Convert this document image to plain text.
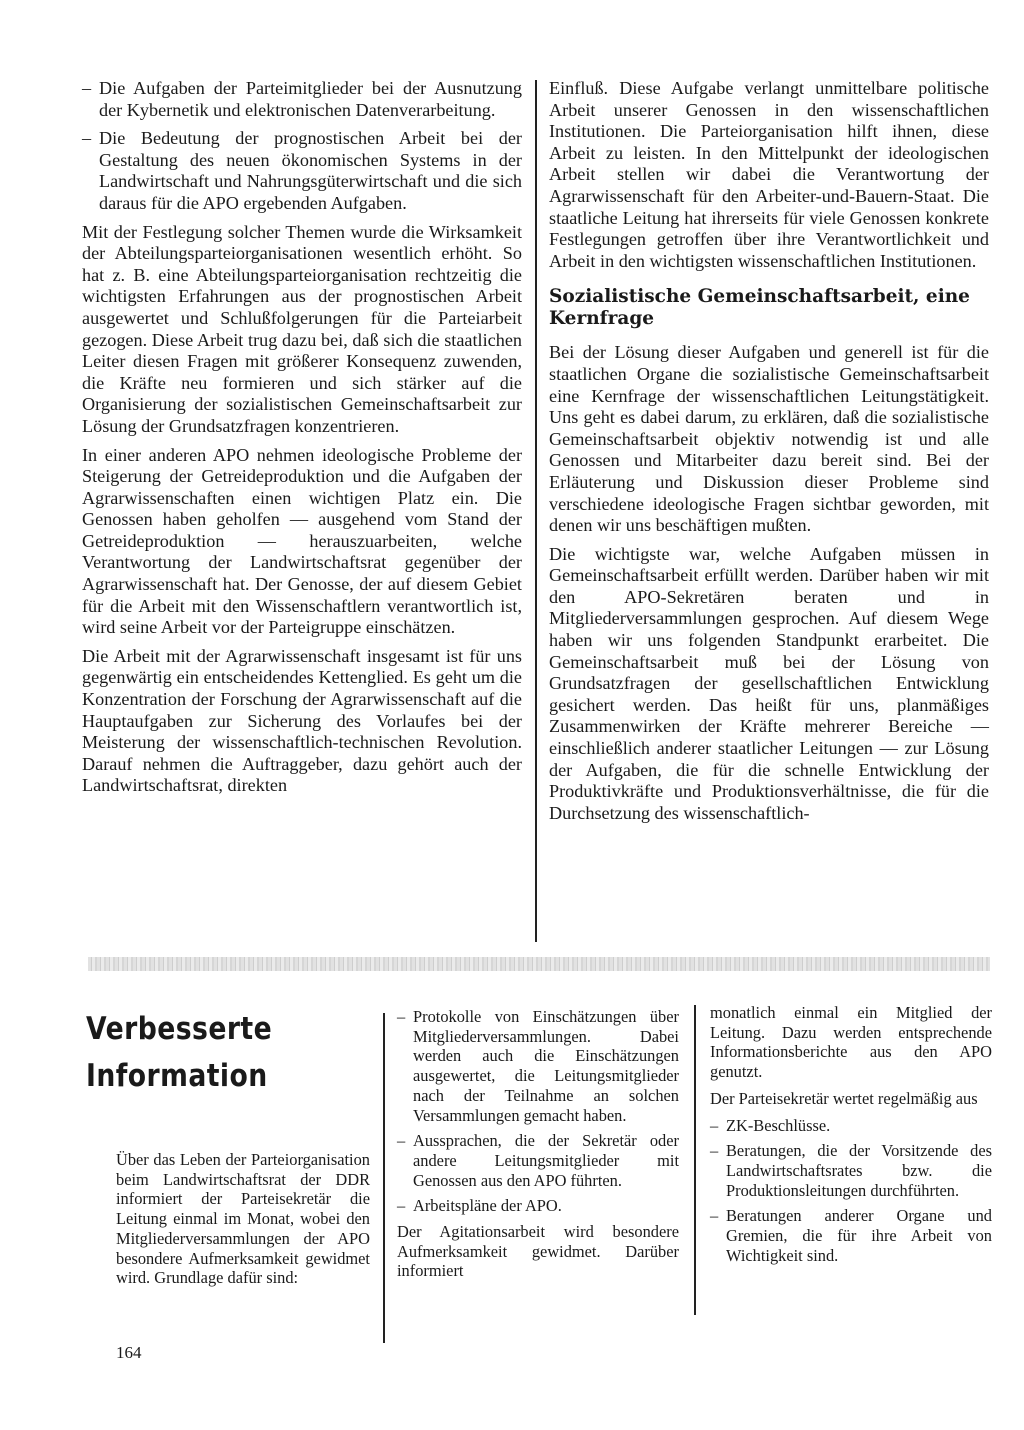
– Die Aufgaben der Parteimitglieder bei der Ausnutzung der Kybernetik und elektronischen Datenverarbeitung.
– Die Bedeutung der prognostischen Arbeit bei der Gestaltung des neuen ökonomischen Systems in der Landwirtschaft und Nahrungsgüterwirtschaft und die sich daraus für die APO ergebenden Aufgaben.

Mit der Festlegung solcher Themen wurde die Wirksamkeit der Abteilungsparteiorganisationen wesentlich erhöht. So hat z. B. eine Abteilungsparteiorganisation rechtzeitig die wichtigsten Erfahrungen aus der prognostischen Arbeit ausgewertet und Schlußfolgerungen für die Parteiarbeit gezogen. Diese Arbeit trug dazu bei, daß sich die staatlichen Leiter diesen Fragen mit größerer Konsequenz zuwenden, die Kräfte neu formieren und sich stärker auf die Organisierung der sozialistischen Gemeinschaftsarbeit zur Lösung der Grundsatzfragen konzentrieren.

In einer anderen APO nehmen ideologische Probleme der Steigerung der Getreideproduktion und die Aufgaben der Agrarwissenschaften einen wichtigen Platz ein. Die Genossen haben geholfen — ausgehend vom Stand der Getreideproduktion — herauszuarbeiten, welche Verantwortung der Landwirtschaftsrat gegenüber der Agrarwissenschaft hat. Der Genosse, der auf diesem Gebiet für die Arbeit mit den Wissenschaftlern verantwortlich ist, wird seine Arbeit vor der Parteigruppe einschätzen.

Die Arbeit mit der Agrarwissenschaft insgesamt ist für uns gegenwärtig ein entscheidendes Kettenglied. Es geht um die Konzentration der Forschung der Agrarwissenschaft auf die Hauptaufgaben zur Sicherung des Vorlaufes bei der Meisterung der wissenschaftlich-technischen Revolution. Darauf nehmen die Auftraggeber, dazu gehört auch der Landwirtschaftsrat, direkten

Einfluß. Diese Aufgabe verlangt unmittelbare politische Arbeit unserer Genossen in den wissenschaftlichen Institutionen. Die Parteiorganisation hilft ihnen, diese Arbeit zu leisten. In den Mittelpunkt der ideologischen Arbeit stellen wir dabei die Verantwortung der Agrarwissenschaft für den Arbeiter-und-Bauern-Staat. Die staatliche Leitung hat ihrerseits für viele Genossen konkrete Festlegungen getroffen über ihre Verantwortlichkeit und Arbeit in den wichtigsten wissenschaftlichen Institutionen.

Sozialistische Gemeinschaftsarbeit, eine Kernfrage

Bei der Lösung dieser Aufgaben und generell ist für die staatlichen Organe die sozialistische Gemeinschaftsarbeit eine Kernfrage der wissenschaftlichen Leitungstätigkeit. Uns geht es dabei darum, zu erklären, daß die sozialistische Gemeinschaftsarbeit objektiv notwendig ist und alle Genossen und Mitarbeiter dazu bereit sind. Bei der Erläuterung und Diskussion dieser Probleme sind verschiedene ideologische Fragen sichtbar geworden, mit denen wir uns beschäftigen mußten.

Die wichtigste war, welche Aufgaben müssen in Gemeinschaftsarbeit erfüllt werden. Darüber haben wir mit den APO-Sekretären beraten und in Mitgliederversammlungen gesprochen. Auf diesem Wege haben wir uns folgenden Standpunkt erarbeitet. Die Gemeinschaftsarbeit muß bei der Lösung von Grundsatzfragen der gesellschaftlichen Entwicklung gesichert werden. Das heißt für uns, planmäßiges Zusammenwirken der Kräfte mehrerer Bereiche — einschließlich anderer staatlicher Leitungen — zur Lösung der Aufgaben, die für die schnelle Entwicklung der Produktivkräfte und Produktionsverhältnisse, die für die Durchsetzung des wissenschaftlich-

Verbesserte
Information

Über das Leben der Parteiorganisation beim Landwirtschaftsrat der DDR informiert der Parteisekretär die Leitung einmal im Monat, wobei den Mitgliederversammlungen der APO besondere Aufmerksamkeit gewidmet wird. Grundlage dafür sind:

– Protokolle von Einschätzungen über Mitgliederversammlungen. Dabei werden auch die Einschätzungen ausgewertet, die Leitungsmitglieder nach der Teilnahme an solchen Versammlungen gemacht haben.
– Aussprachen, die der Sekretär oder andere Leitungsmitglieder mit Genossen aus den APO führten.
– Arbeitspläne der APO.

Der Agitationsarbeit wird besondere Aufmerksamkeit gewidmet. Darüber informiert

monatlich einmal ein Mitglied der Leitung. Dazu werden entsprechende Informationsberichte aus den APO genutzt.

Der Parteisekretär wertet regelmäßig aus

– ZK-Beschlüsse.
– Beratungen, die der Vorsitzende des Landwirtschaftsrates bzw. die Produktionsleitungen durchführten.
– Beratungen anderer Organe und Gremien, die für ihre Arbeit von Wichtigkeit sind.
164
